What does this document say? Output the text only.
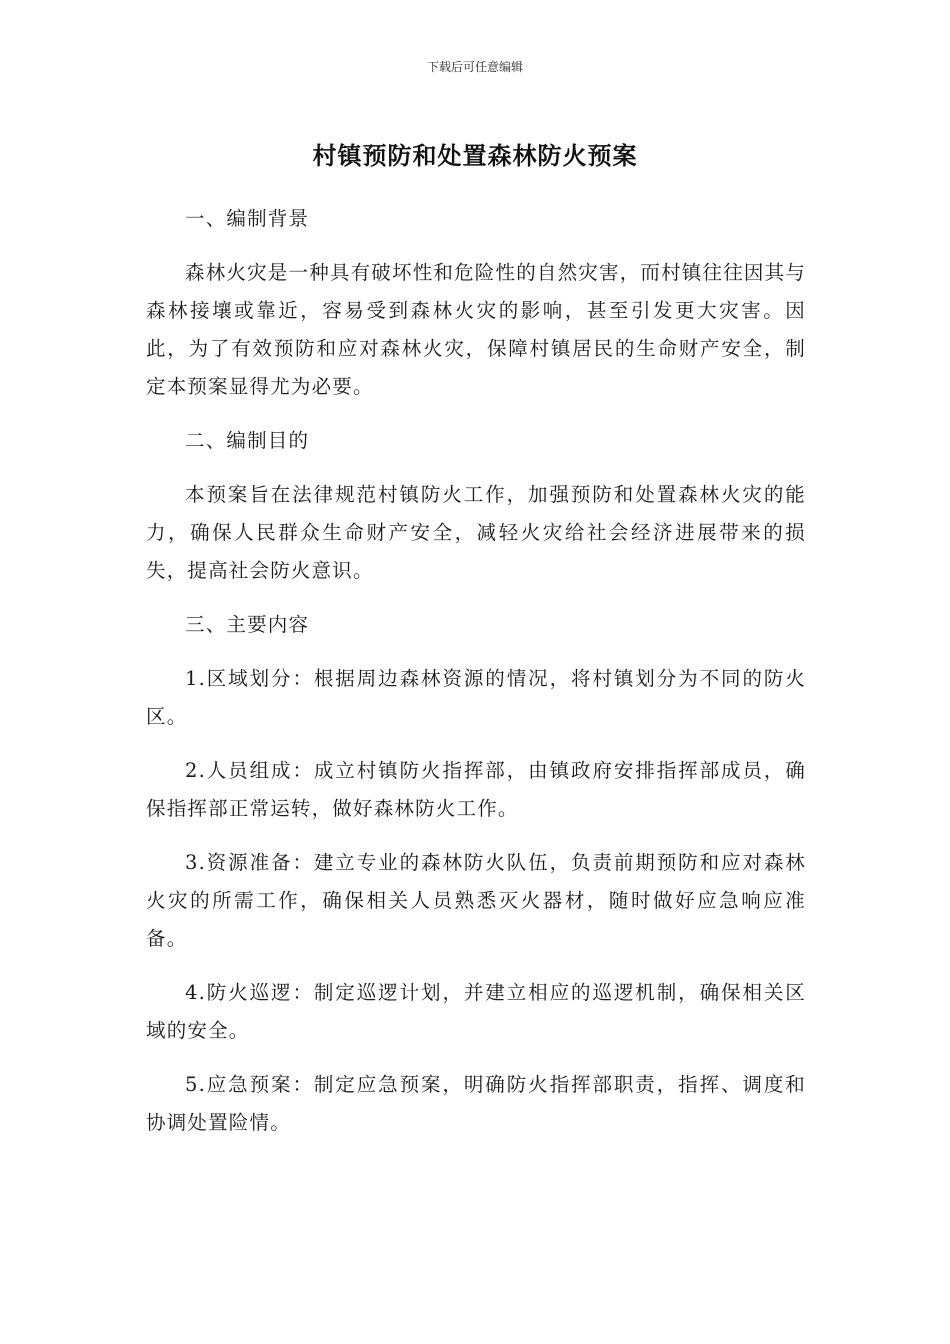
下载后可任意编辑
村镇预防和处置森林防火预案

一、编制背景

森林火灾是一种具有破坏性和危险性的自然灾害，而村镇往往因其与森林接壤或靠近，容易受到森林火灾的影响，甚至引发更大灾害。因此，为了有效预防和应对森林火灾，保障村镇居民的生命财产安全，制定本预案显得尤为必要。

二、编制目的

本预案旨在法律规范村镇防火工作，加强预防和处置森林火灾的能力，确保人民群众生命财产安全，减轻火灾给社会经济进展带来的损失，提高社会防火意识。

三、主要内容

1.区域划分：根据周边森林资源的情况，将村镇划分为不同的防火区。

2.人员组成：成立村镇防火指挥部，由镇政府安排指挥部成员，确保指挥部正常运转，做好森林防火工作。

3.资源准备：建立专业的森林防火队伍，负责前期预防和应对森林火灾的所需工作，确保相关人员熟悉灭火器材，随时做好应急响应准备。

4.防火巡逻：制定巡逻计划，并建立相应的巡逻机制，确保相关区域的安全。

5.应急预案：制定应急预案，明确防火指挥部职责，指挥、调度和协调处置险情。
